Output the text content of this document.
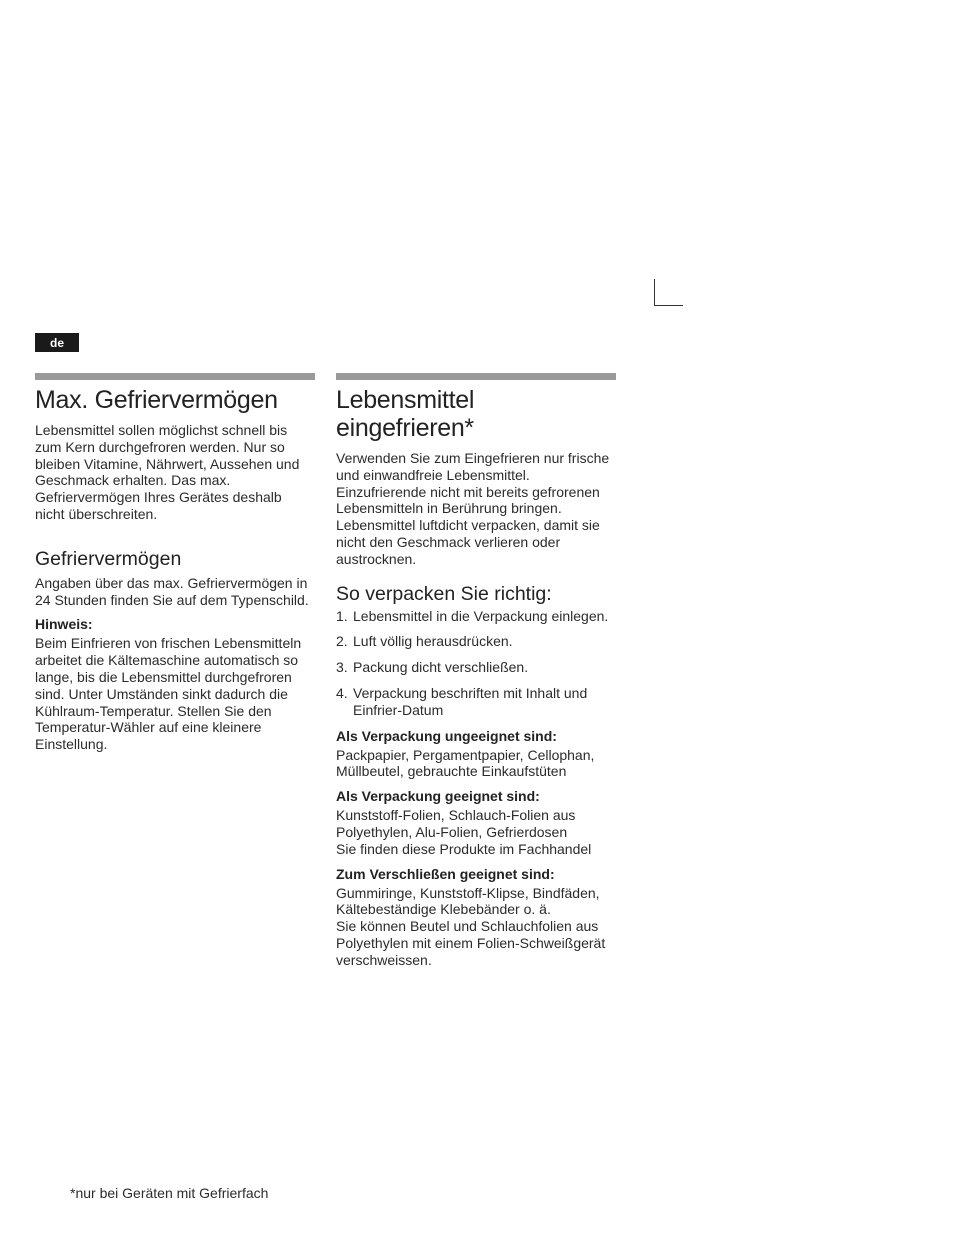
de
Max. Gefriervermögen

Lebensmittel sollen möglichst schnell bis zum Kern durchgefroren werden. Nur so bleiben Vitamine, Nährwert, Aussehen und Geschmack erhalten. Das max. Gefriervermögen Ihres Gerätes deshalb nicht überschreiten.

Gefriervermögen

Angaben über das max. Gefriervermögen in 24 Stunden finden Sie auf dem Typenschild.

Hinweis:

Beim Einfrieren von frischen Lebensmitteln arbeitet die Kältemaschine automatisch so lange, bis die Lebensmittel durchgefroren sind. Unter Umständen sinkt dadurch die Kühlraum-Temperatur. Stellen Sie den Temperatur-Wähler auf eine kleinere Einstellung.

Lebensmittel
eingefrieren*

Verwenden Sie zum Eingefrieren nur frische und einwandfreie Lebensmittel. Einzufrierende nicht mit bereits gefrorenen Lebensmitteln in Berührung bringen. Lebensmittel luftdicht verpacken, damit sie nicht den Geschmack verlieren oder austrocknen.

So verpacken Sie richtig:
1. Lebensmittel in die Verpackung einlegen.
2. Luft völlig herausdrücken.
3. Packung dicht verschließen.
4. Verpackung beschriften mit Inhalt und Einfrier-Datum
Als Verpackung ungeeignet sind:

Packpapier, Pergamentpapier, Cellophan, Müllbeutel, gebrauchte Einkaufstüten

Als Verpackung geeignet sind:

Kunststoff-Folien, Schlauch-Folien aus Polyethylen, Alu-Folien, Gefrierdosen

Sie finden diese Produkte im Fachhandel

Zum Verschließen geeignet sind:

Gummiringe, Kunststoff-Klipse, Bindfäden, Kältebeständige Klebebänder o. ä.

Sie können Beutel und Schlauchfolien aus Polyethylen mit einem Folien-Schweißgerät verschweissen.

*nur bei Geräten mit Gefrierfach
